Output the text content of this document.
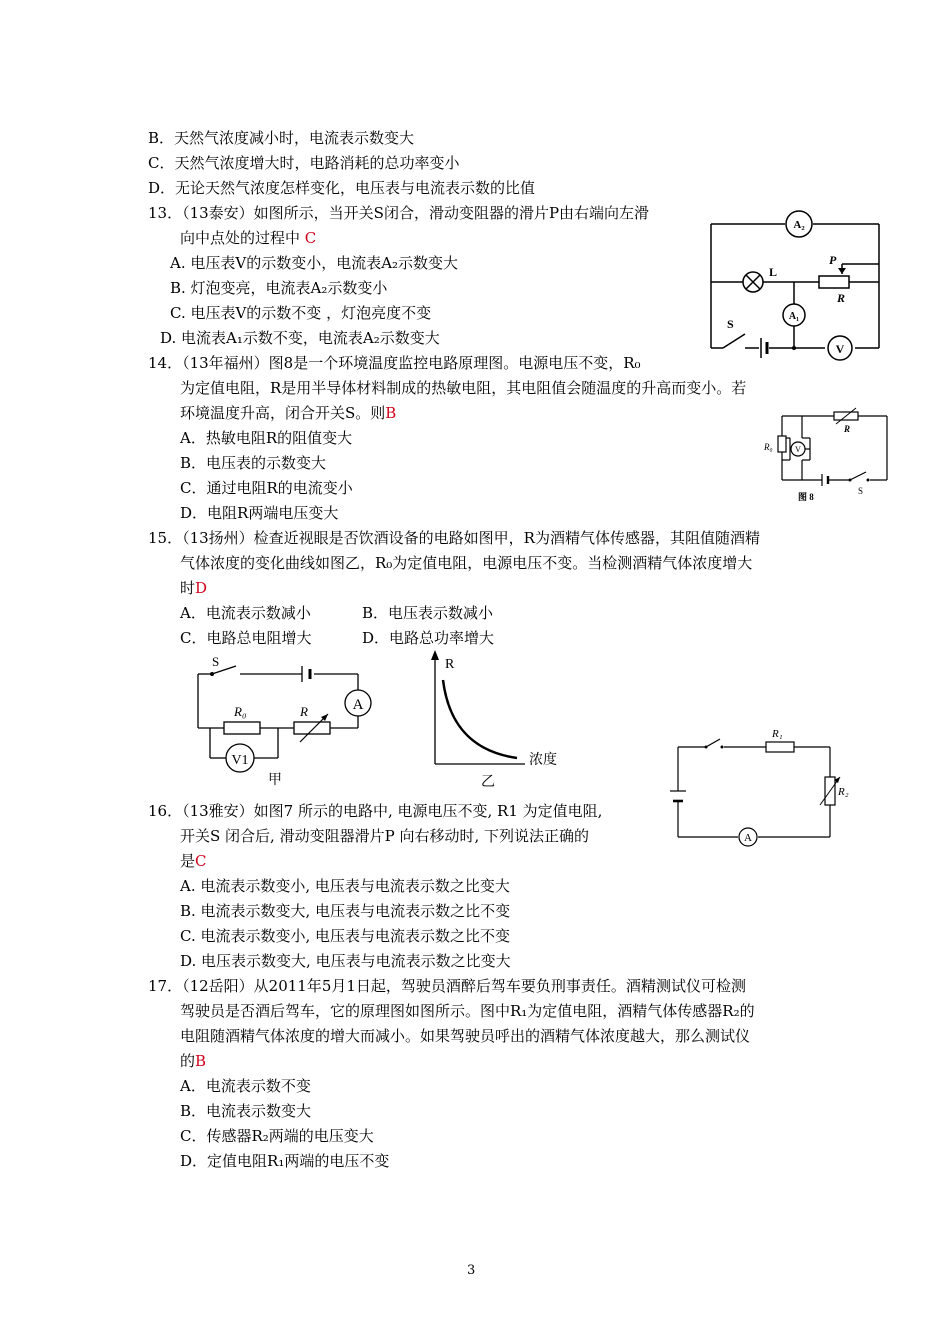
B．天然气浓度减小时，电流表示数变大
C．天然气浓度增大时，电路消耗的总功率变小
D．无论天然气浓度怎样变化，电压表与电流表示数的比值
13．（13泰安）如图所示，当开关S闭合，滑动变阻器的滑片P由右端向左滑
向中点处的过程中 C
A. 电压表V的示数变小，电流表A₂示数变大
B. 灯泡变亮，电流表A₂示数变小
C. 电压表V的示数不变 ，灯泡亮度不变
D. 电流表A₁示数不变，电流表A₂示数变大
A₂
L
P
R
A₁
V
S
14．（13年福州）图8是一个环境温度监控电路原理图。电源电压不变，R₀
为定值电阻，R是用半导体材料制成的热敏电阻，其电阻值会随温度的升高而变小。若
环境温度升高，闭合开关S。则B
A．热敏电阻R的阻值变大
B．电压表的示数变大
C．通过电阻R的电流变小
D．电阻R两端电压变大
R
R₀	V
S
图 8
15．（13扬州）检查近视眼是否饮酒设备的电路如图甲，R为酒精气体传感器，其阻值随酒精
气体浓度的变化曲线如图乙，R₀为定值电阻，电源电压不变。当检测酒精气体浓度增大
时D
A．电流表示数减小	B．电压表示数减小
C．电路总电阻增大	D．电路总功率增大
S
A
R₀	R
V1
甲
R
浓度
乙
16．（13雅安）如图7 所示的电路中, 电源电压不变, R1 为定值电阻,
开关S 闭合后, 滑动变阻器滑片P 向右移动时, 下列说法正确的
是C
A. 电流表示数变小, 电压表与电流表示数之比变大
B. 电流表示数变大, 电压表与电流表示数之比不变
C. 电流表示数变小, 电压表与电流表示数之比不变
D. 电压表示数变大, 电压表与电流表示数之比变大
R₁
R₂
A
17．（12岳阳）从2011年5月1日起，驾驶员酒醉后驾车要负刑事责任。酒精测试仪可检测
驾驶员是否酒后驾车，它的原理图如图所示。图中R₁为定值电阻，酒精气体传感器R₂的
电阻随酒精气体浓度的增大而减小。如果驾驶员呼出的酒精气体浓度越大，那么测试仪
的B
A．电流表示数不变
B．电流表示数变大
C．传感器R₂两端的电压变大
D．定值电阻R₁两端的电压不变
3
